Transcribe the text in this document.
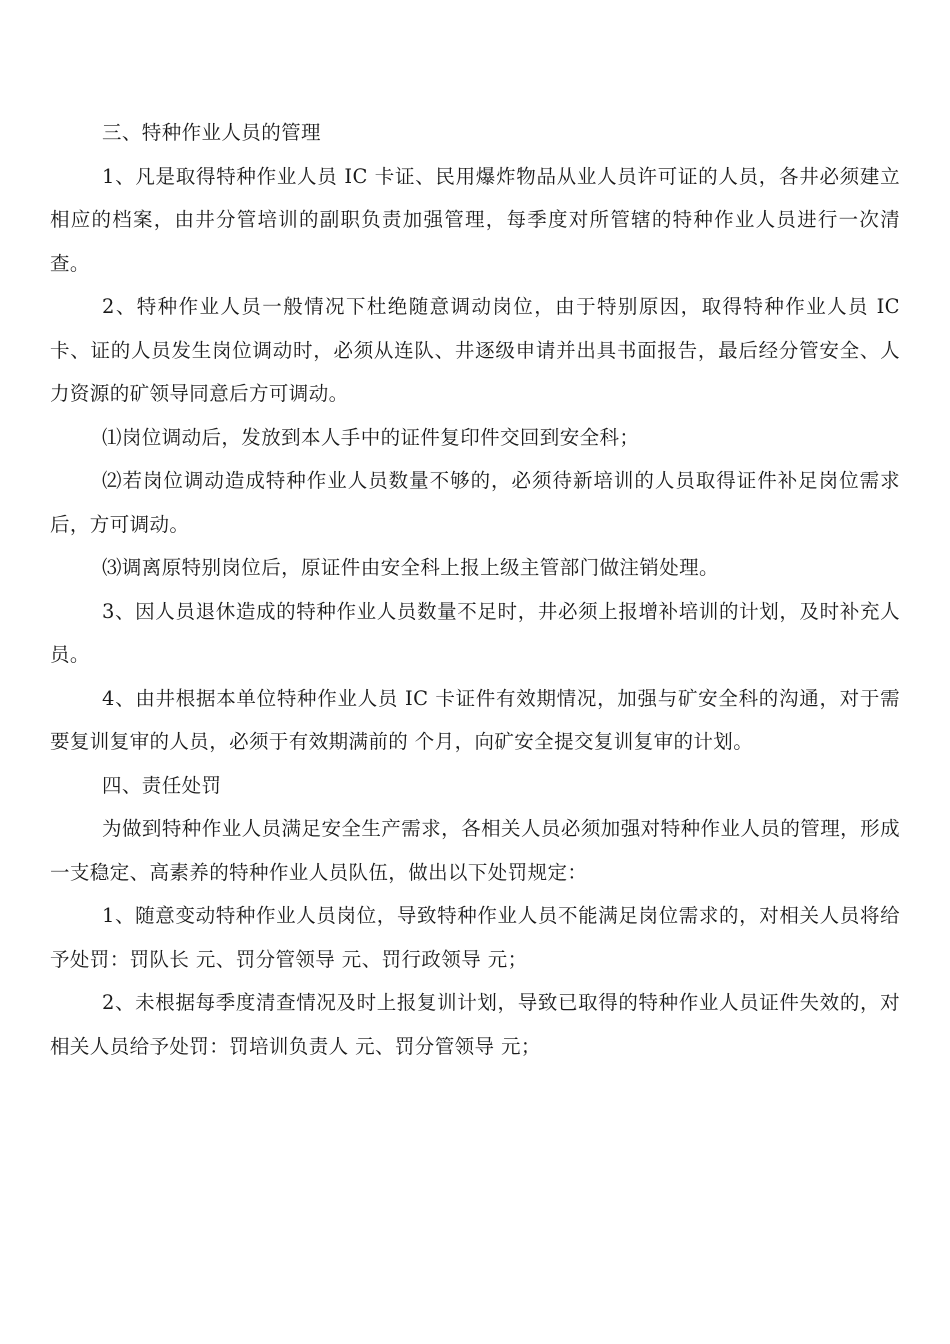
三、特种作业人员的管理

1、凡是取得特种作业人员 IC 卡证、民用爆炸物品从业人员许可证的人员，各井必须建立相应的档案，由井分管培训的副职负责加强管理，每季度对所管辖的特种作业人员进行一次清查。

2、特种作业人员一般情况下杜绝随意调动岗位，由于特别原因，取得特种作业人员 IC 卡、证的人员发生岗位调动时，必须从连队、井逐级申请并出具书面报告，最后经分管安全、人力资源的矿领导同意后方可调动。

⑴岗位调动后，发放到本人手中的证件复印件交回到安全科；

⑵若岗位调动造成特种作业人员数量不够的，必须待新培训的人员取得证件补足岗位需求后，方可调动。

⑶调离原特别岗位后，原证件由安全科上报上级主管部门做注销处理。

3、因人员退休造成的特种作业人员数量不足时，井必须上报增补培训的计划，及时补充人员。

4、由井根据本单位特种作业人员 IC 卡证件有效期情况，加强与矿安全科的沟通，对于需要复训复审的人员，必须于有效期满前的 个月，向矿安全提交复训复审的计划。

四、责任处罚

为做到特种作业人员满足安全生产需求，各相关人员必须加强对特种作业人员的管理，形成一支稳定、高素养的特种作业人员队伍，做出以下处罚规定：

1、随意变动特种作业人员岗位，导致特种作业人员不能满足岗位需求的，对相关人员将给予处罚：罚队长 元、罚分管领导 元、罚行政领导 元；

2、未根据每季度清查情况及时上报复训计划，导致已取得的特种作业人员证件失效的，对相关人员给予处罚：罚培训负责人 元、罚分管领导 元；
